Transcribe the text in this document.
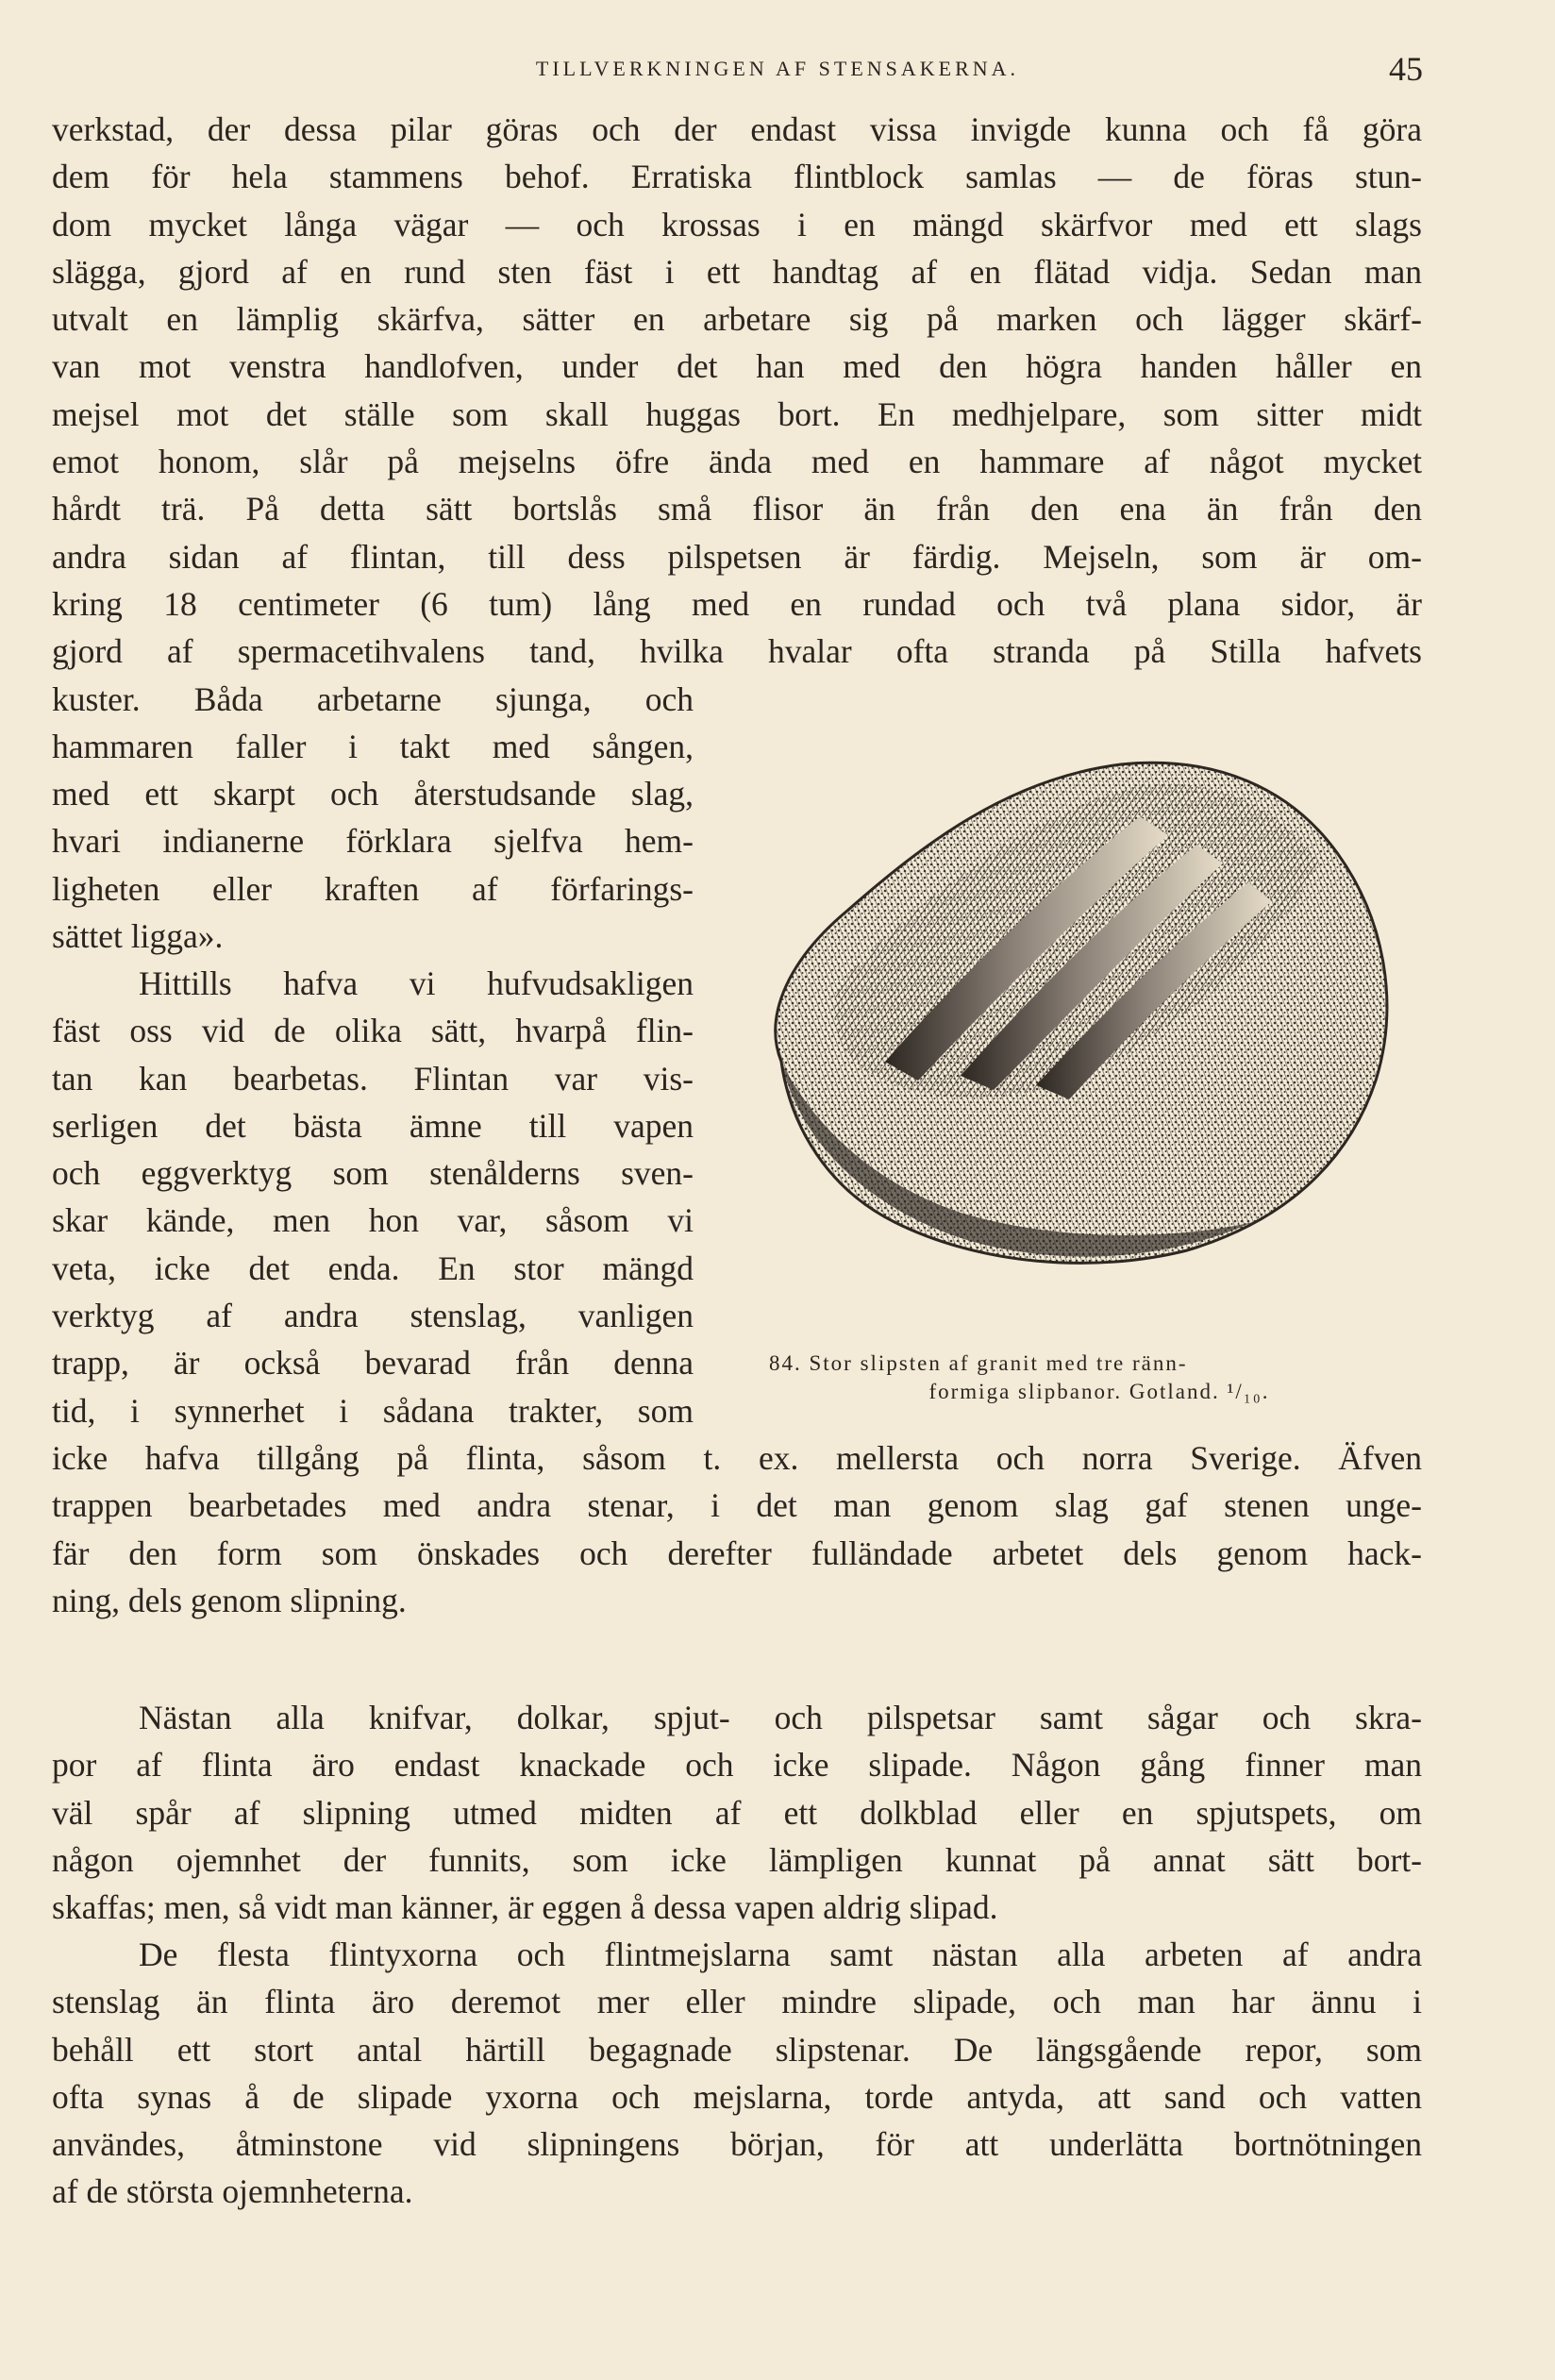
TILLVERKNINGEN AF STENSAKERNA.	45
verkstad, der dessa pilar göras och der endast vissa invigde kunna och få göra
dem för hela stammens behof. Erratiska flintblock samlas — de föras stun-
dom mycket långa vägar — och krossas i en mängd skärfvor med ett slags
slägga, gjord af en rund sten fäst i ett handtag af en flätad vidja. Sedan man
utvalt en lämplig skärfva, sätter en arbetare sig på marken och lägger skärf-
van mot venstra handlofven, under det han med den högra handen håller en
mejsel mot det ställe som skall huggas bort. En medhjelpare, som sitter midt
emot honom, slår på mejselns öfre ända med en hammare af något mycket
hårdt trä. På detta sätt bortslås små flisor än från den ena än från den
andra sidan af flintan, till dess pilspetsen är färdig. Mejseln, som är om-
kring 18 centimeter (6 tum) lång med en rundad och två plana sidor, är
gjord af spermacetihvalens tand, hvilka hvalar ofta stranda på Stilla hafvets
kuster. Båda arbetarne sjunga, och
hammaren faller i takt med sången,
med ett skarpt och återstudsande slag,
hvari indianerne förklara sjelfva hem-
ligheten eller kraften af förfarings-
sättet ligga».
Hittills hafva vi hufvudsakligen
fäst oss vid de olika sätt, hvarpå flin-
tan kan bearbetas. Flintan var vis-
serligen det bästa ämne till vapen
och eggverktyg som stenålderns sven-
skar kände, men hon var, såsom vi
veta, icke det enda. En stor mängd
verktyg af andra stenslag, vanligen
trapp, är också bevarad från denna
tid, i synnerhet i sådana trakter, som
icke hafva tillgång på flinta, såsom t. ex. mellersta och norra Sverige. Äfven
trappen bearbetades med andra stenar, i det man genom slag gaf stenen unge-
fär den form som önskades och derefter fulländade arbetet dels genom hack-
ning, dels genom slipning.
Nästan alla knifvar, dolkar, spjut- och pilspetsar samt sågar och skra-
por af flinta äro endast knackade och icke slipade. Någon gång finner man
väl spår af slipning utmed midten af ett dolkblad eller en spjutspets, om
någon ojemnhet der funnits, som icke lämpligen kunnat på annat sätt bort-
skaffas; men, så vidt man känner, är eggen å dessa vapen aldrig slipad.
De flesta flintyxorna och flintmejslarna samt nästan alla arbeten af andra
stenslag än flinta äro deremot mer eller mindre slipade, och man har ännu i
behåll ett stort antal härtill begagnade slipstenar. De längsgående repor, som
ofta synas å de slipade yxorna och mejslarna, torde antyda, att sand och vatten
användes, åtminstone vid slipningens början, för att underlätta bortnötningen
af de största ojemnheterna.
84. Stor slipsten af granit med tre ränn-
formiga slipbanor. Gotland. ¹/₁₀.
